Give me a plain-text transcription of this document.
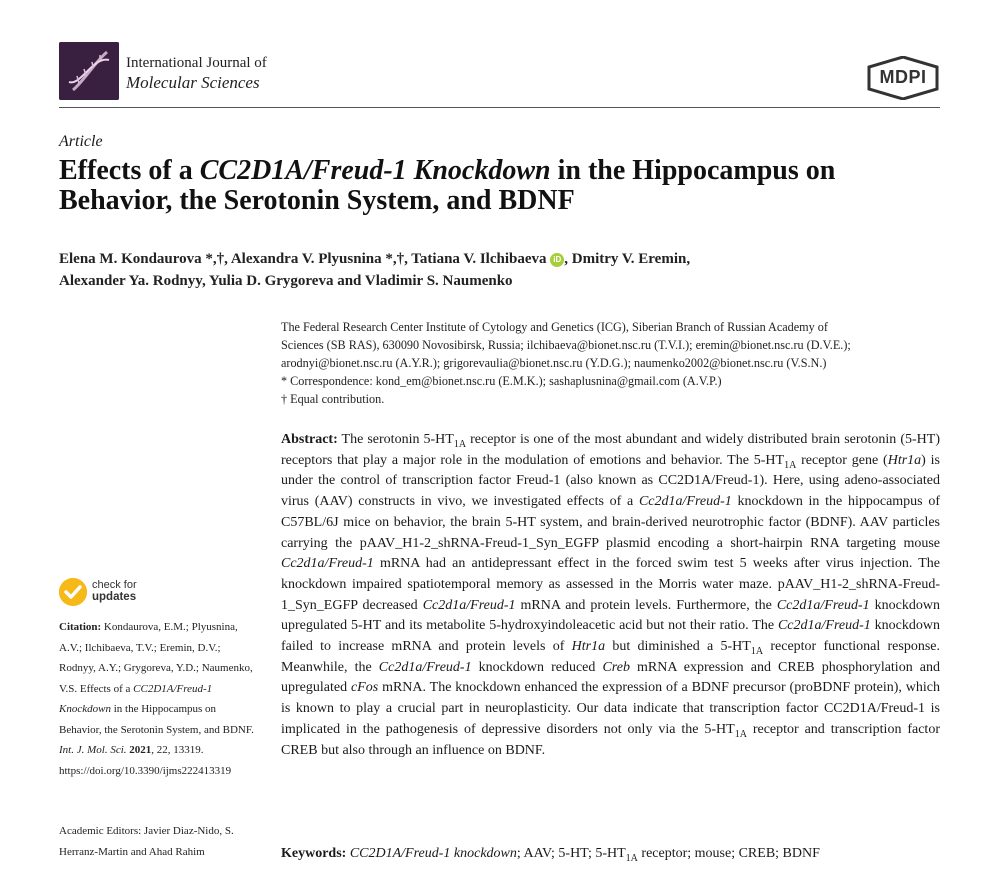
International Journal of
Molecular Sciences	MDPI
Article
Effects of a CC2D1A/Freud-1 Knockdown in the Hippocampus on Behavior, the Serotonin System, and BDNF
Elena M. Kondaurova *,†, Alexandra V. Plyusnina *,†, Tatiana V. Ilchibaeva iD , Dmitry V. Eremin,
Alexander Ya. Rodnyy, Yulia D. Grygoreva and Vladimir S. Naumenko
The Federal Research Center Institute of Cytology and Genetics (ICG), Siberian Branch of Russian Academy of
Sciences (SB RAS), 630090 Novosibirsk, Russia; ilchibaeva@bionet.nsc.ru (T.V.I.); eremin@bionet.nsc.ru (D.V.E.);
arodnyi@bionet.nsc.ru (A.Y.R.); grigorevaulia@bionet.nsc.ru (Y.D.G.); naumenko2002@bionet.nsc.ru (V.S.N.)
* Correspondence: kond_em@bionet.nsc.ru (E.M.K.); sashaplusnina@gmail.com (A.V.P.)
† Equal contribution.
Abstract: The serotonin $5-HT_{1A}$ receptor is one of the most abundant and widely distributed brain serotonin (5-HT) receptors that play a major role in the modulation of emotions and behavior. The $5-HT_{1A}$ receptor gene (Htr1a) is under the control of transcription factor Freud-1 (also known as CC2D1A/Freud-1). Here, using adeno-associated virus (AAV) constructs in vivo, we investigated effects of a Cc2d1a/Freud-1 knockdown in the hippocampus of C57BL/6J mice on behavior, the brain 5-HT system, and brain-derived neurotrophic factor (BDNF). AAV particles carrying the pAAV_H1-2_shRNA-Freud-1_Syn_EGFP plasmid encoding a short-hairpin RNA targeting mouse Cc2d1a/Freud-1 mRNA had an antidepressant effect in the forced swim test 5 weeks after virus injection. The knockdown impaired spatiotemporal memory as assessed in the Morris water maze. pAAV_H1-2_shRNA-Freud-1_Syn_EGFP decreased Cc2d1a/Freud-1 mRNA and protein levels. Furthermore, the Cc2d1a/Freud-1 knockdown upregulated 5-HT and its metabolite 5-hydroxyindoleacetic acid but not their ratio. The Cc2d1a/Freud-1 knockdown failed to increase mRNA and protein levels of Htr1a but diminished a $5-HT_{1A}$ receptor functional response. Meanwhile, the Cc2d1a/Freud-1 knockdown reduced Creb mRNA expression and CREB phosphorylation and upregulated cFos mRNA. The knockdown enhanced the expression of a BDNF precursor (proBDNF protein), which is known to play a crucial part in neuroplasticity. Our data indicate that transcription factor CC2D1A/Freud-1 is implicated in the pathogenesis of depressive disorders not only via the $5-HT_{1A}$ receptor and transcription factor CREB but also through an influence on BDNF.
Keywords: CC2D1A/Freud-1 knockdown; AAV; 5-HT; $5-HT_{1A}$ receptor; mouse; CREB; BDNF
check for
updates
Citation: Kondaurova, E.M.; Plyusnina, A.V.; Ilchibaeva, T.V.; Eremin, D.V.; Rodnyy, A.Y.; Grygoreva, Y.D.; Naumenko, V.S. Effects of a CC2D1A/Freud-1 Knockdown in the Hippocampus on Behavior, the Serotonin System, and BDNF. Int. J. Mol. Sci. 2021, 22, 13319. https://doi.org/10.3390/ijms222413319
Academic Editors: Javier Diaz-Nido, S. Herranz-Martin and Ahad Rahim
